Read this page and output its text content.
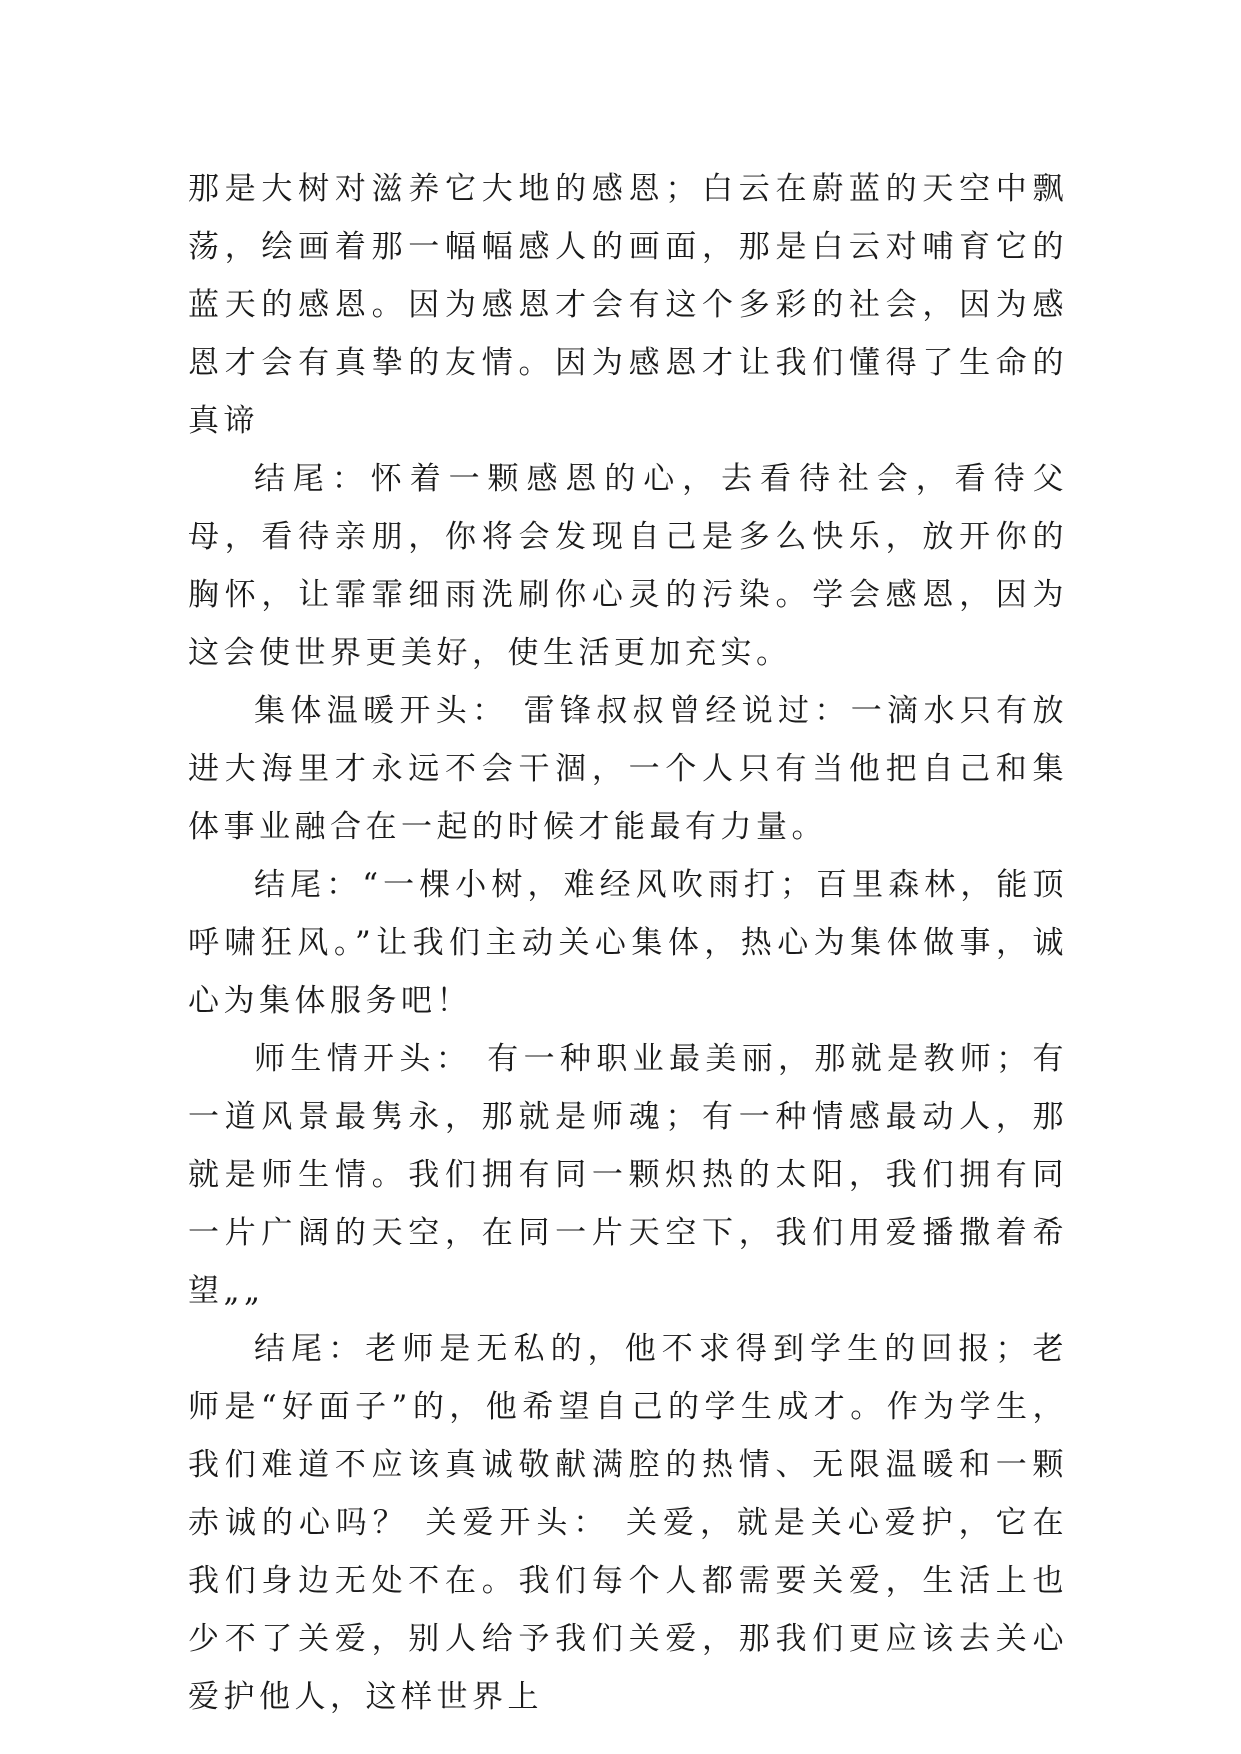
那是大树对滋养它大地的感恩；白云在蔚蓝的天空中飘荡，绘画着那一幅幅感人的画面，那是白云对哺育它的蓝天的感恩。因为感恩才会有这个多彩的社会，因为感恩才会有真挚的友情。因为感恩才让我们懂得了生命的真谛

结尾：怀着一颗感恩的心，去看待社会，看待父母，看待亲朋，你将会发现自己是多么快乐，放开你的胸怀，让霏霏细雨洗刷你心灵的污染。学会感恩，因为这会使世界更美好，使生活更加充实。

集体温暖开头： 雷锋叔叔曾经说过：一滴水只有放进大海里才永远不会干涸，一个人只有当他把自己和集体事业融合在一起的时候才能最有力量。

结尾：“一棵小树，难经风吹雨打；百里森林，能顶呼啸狂风。”让我们主动关心集体，热心为集体做事，诚心为集体服务吧！

师生情开头： 有一种职业最美丽，那就是教师；有一道风景最隽永，那就是师魂；有一种情感最动人，那就是师生情。我们拥有同一颗炽热的太阳，我们拥有同一片广阔的天空，在同一片天空下，我们用爱播撒着希望„„

结尾：老师是无私的，他不求得到学生的回报；老师是“好面子”的，他希望自己的学生成才。作为学生，我们难道不应该真诚敬献满腔的热情、无限温暖和一颗赤诚的心吗？ 关爱开头： 关爱，就是关心爱护，它在我们身边无处不在。我们每个人都需要关爱，生活上也少不了关爱，别人给予我们关爱，那我们更应该去关心爱护他人，这样世界上
